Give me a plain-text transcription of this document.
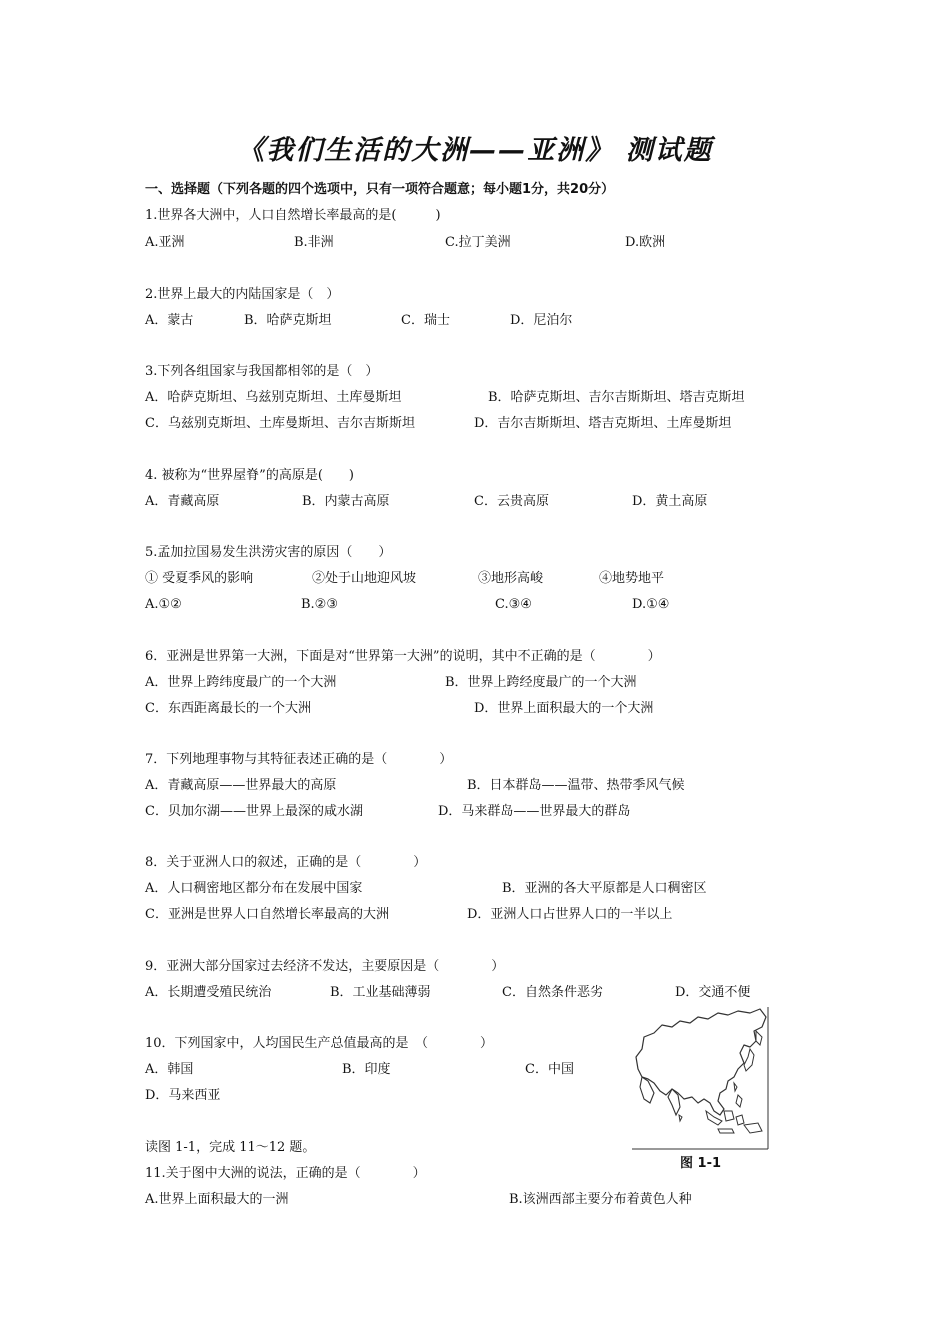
《我们生活的大洲——亚洲》 测试题
一、选择题（下列各题的四个选项中，只有一项符合题意；每小题1分，共20分）
1.世界各大洲中，人口自然增长率最高的是(　　　)
A.亚洲	B.非洲	C.拉丁美洲	D.欧洲
2.世界上最大的内陆国家是（　）
A．蒙古	B．哈萨克斯坦	C．瑞士	D．尼泊尔
3.下列各组国家与我国都相邻的是（　）
A．哈萨克斯坦、乌兹别克斯坦、土库曼斯坦	B．哈萨克斯坦、吉尔吉斯斯坦、塔吉克斯坦
C．乌兹别克斯坦、土库曼斯坦、吉尔吉斯斯坦	D．吉尔吉斯斯坦、塔吉克斯坦、土库曼斯坦
4. 被称为“世界屋脊”的高原是(　　)
A．青藏高原	B．内蒙古高原	C．云贵高原	D．黄土高原
5.孟加拉国易发生洪涝灾害的原因（　　）
① 受夏季风的影响	②处于山地迎风坡	③地形高峻	④地势地平
A.①②	B.②③	C.③④	D.①④
6．亚洲是世界第一大洲，下面是对“世界第一大洲”的说明，其中不正确的是（　　　　）
A．世界上跨纬度最广的一个大洲	B．世界上跨经度最广的一个大洲
C．东西距离最长的一个大洲	D．世界上面积最大的一个大洲
7．下列地理事物与其特征表述正确的是（　　　　）
A．青藏高原——世界最大的高原	B．日本群岛——温带、热带季风气候
C．贝加尔湖——世界上最深的咸水湖	D．马来群岛——世界最大的群岛
8．关于亚洲人口的叙述，正确的是（　　　　）
A．人口稠密地区都分布在发展中国家	B．亚洲的各大平原都是人口稠密区
C．亚洲是世界人口自然增长率最高的大洲	D．亚洲人口占世界人口的一半以上
9．亚洲大部分国家过去经济不发达，主要原因是（　　　　）
A．长期遭受殖民统治	B．工业基础薄弱	C．自然条件恶劣	D．交通不便
10．下列国家中，人均国民生产总值最高的是　（　　　　）
A．韩国	B．印度	C．中国
D．马来西亚
读图 1-1，完成 11～12 题。
11.关于图中大洲的说法，正确的是（　　　　）
A.世界上面积最大的一洲	B.该洲西部主要分布着黄色人种
图 1-1
